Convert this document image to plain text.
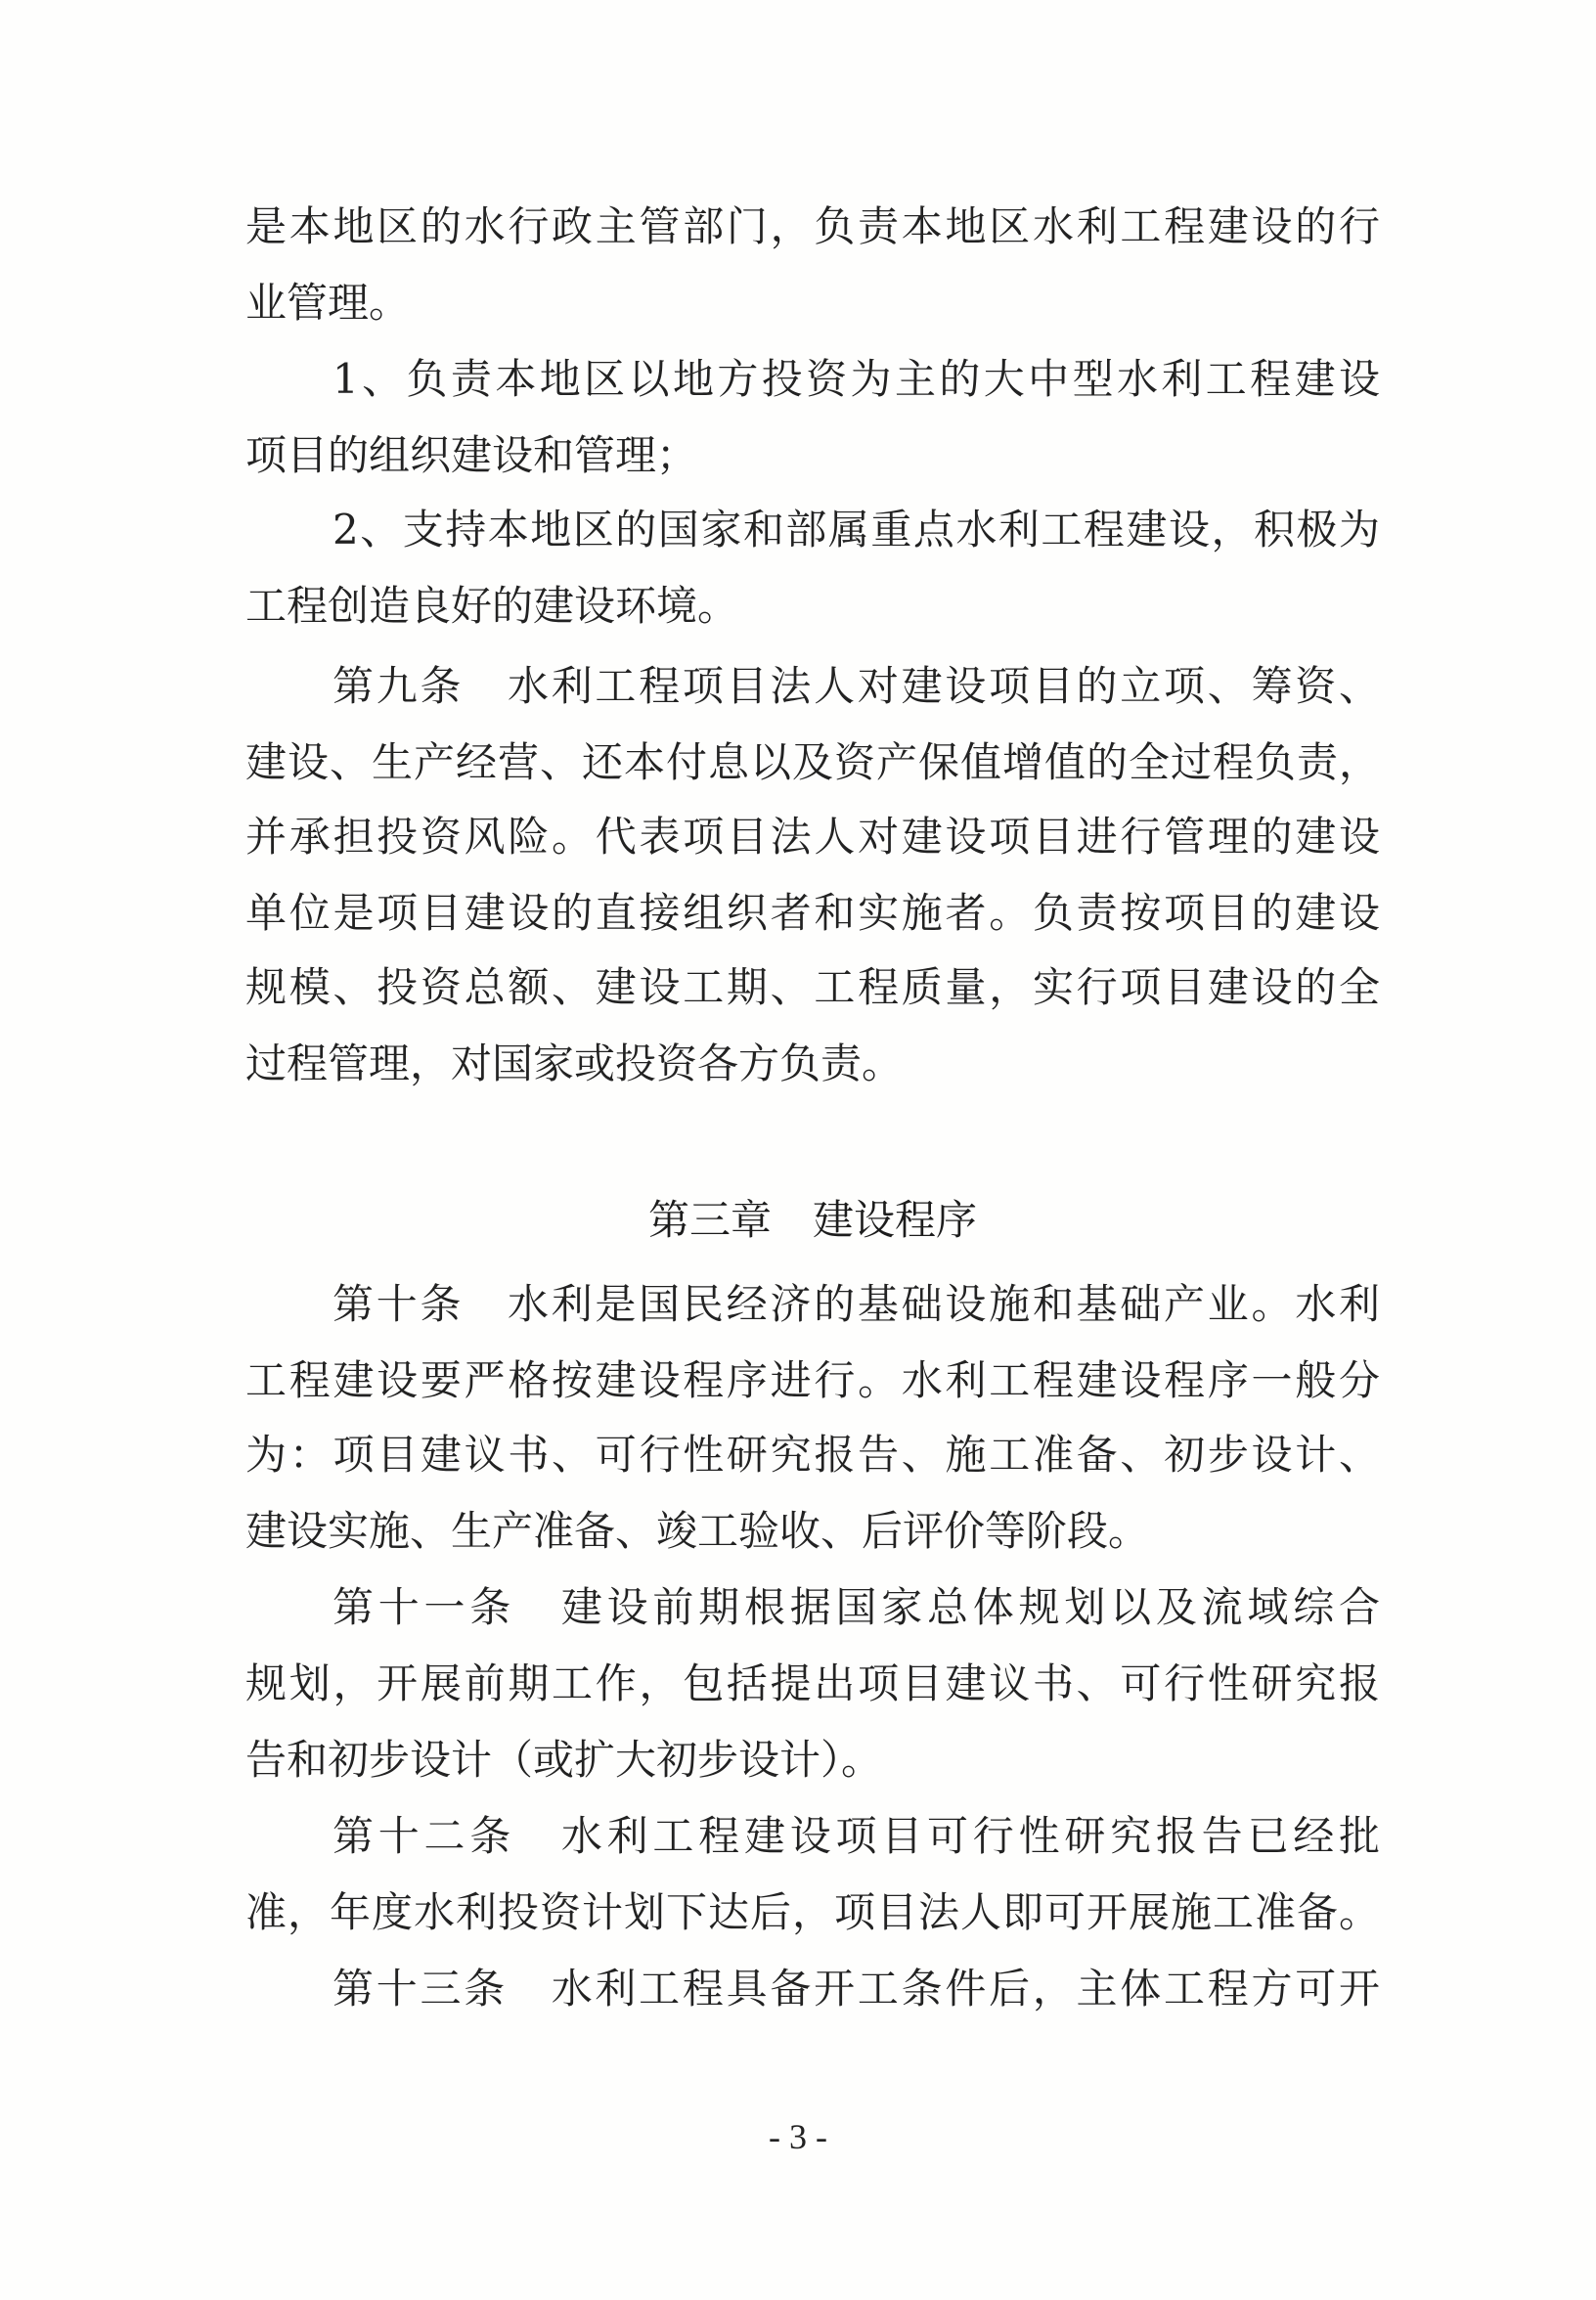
是本地区的水行政主管部门，负责本地区水利工程建设的行
业管理。
1、负责本地区以地方投资为主的大中型水利工程建设
项目的组织建设和管理；
2、支持本地区的国家和部属重点水利工程建设，积极为
工程创造良好的建设环境。
第九条　水利工程项目法人对建设项目的立项、筹资、
建设、生产经营、还本付息以及资产保值增值的全过程负责，
并承担投资风险。代表项目法人对建设项目进行管理的建设
单位是项目建设的直接组织者和实施者。负责按项目的建设
规模、投资总额、建设工期、工程质量，实行项目建设的全
过程管理，对国家或投资各方负责。
第三章　建设程序
第十条　水利是国民经济的基础设施和基础产业。水利
工程建设要严格按建设程序进行。水利工程建设程序一般分
为：项目建议书、可行性研究报告、施工准备、初步设计、
建设实施、生产准备、竣工验收、后评价等阶段。
第十一条　建设前期根据国家总体规划以及流域综合
规划，开展前期工作，包括提出项目建议书、可行性研究报
告和初步设计（或扩大初步设计）。
第十二条　水利工程建设项目可行性研究报告已经批
准，年度水利投资计划下达后，项目法人即可开展施工准备。
第十三条　水利工程具备开工条件后，主体工程方可开
- 3 -
